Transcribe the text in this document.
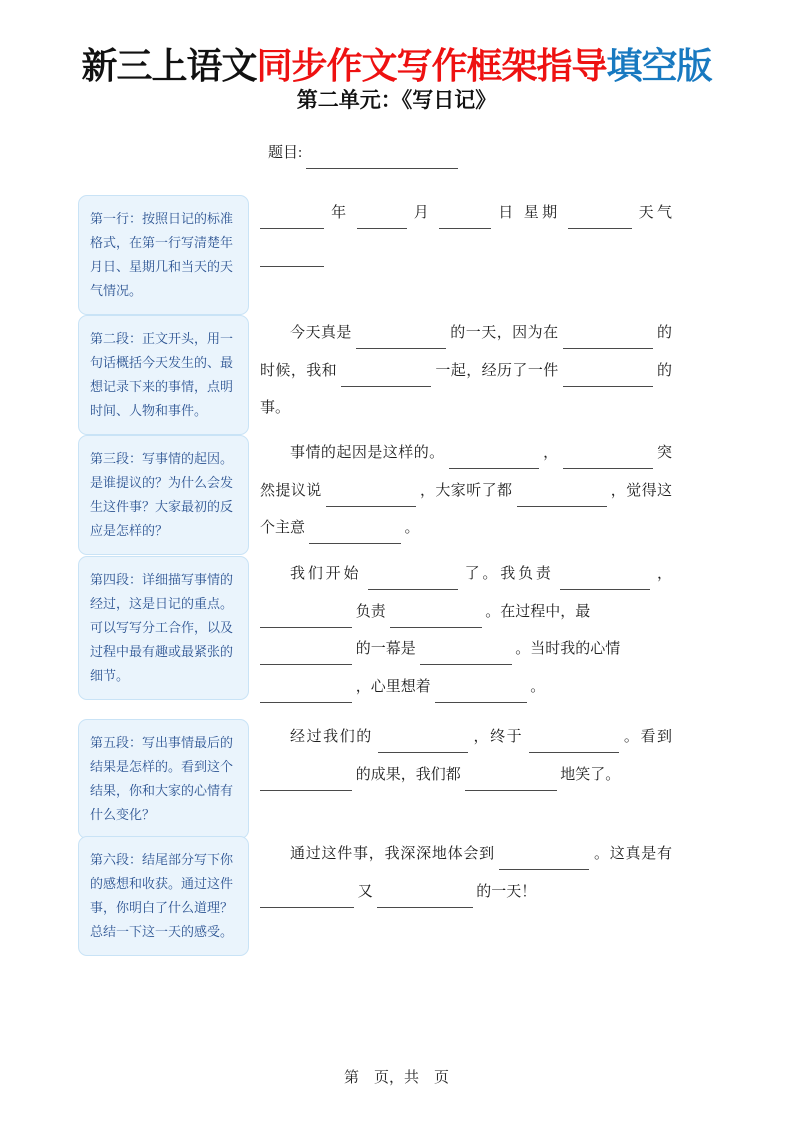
新三上语文同步作文写作框架指导填空版
第二单元：《写日记》
题目:
第一行：按照日记的标准格式，在第一行写清楚年月日、星期几和当天的天气情况。
年	月	日 星期	天气
第二段：正文开头，用一句话概括今天发生的、最想记录下来的事情，点明时间、人物和事件。
今天真是	的一天，因为在	的
时候，我和	一起，经历了一件	的
事。
第三段：写事情的起因。是谁提议的？为什么会发生这件事？大家最初的反应是怎样的？
事情的起因是这样的。	，	突
然提议说	，大家听了都	，觉得这
个主意	。
第四段：详细描写事情的经过，这是日记的重点。可以写写分工合作，以及过程中最有趣或最紧张的细节。
我们开始	了。我负责	，
负责	。在过程中，最
的一幕是	。当时我的心情
，心里想着	。
第五段：写出事情最后的结果是怎样的。看到这个结果，你和大家的心情有什么变化？
经过我们的	，终于	。看到
的成果，我们都	地笑了。
第六段：结尾部分写下你的感想和收获。通过这件事，你明白了什么道理？总结一下这一天的感受。
通过这件事，我深深地体会到	。这真是有
又	的一天！
第　页，共　页
